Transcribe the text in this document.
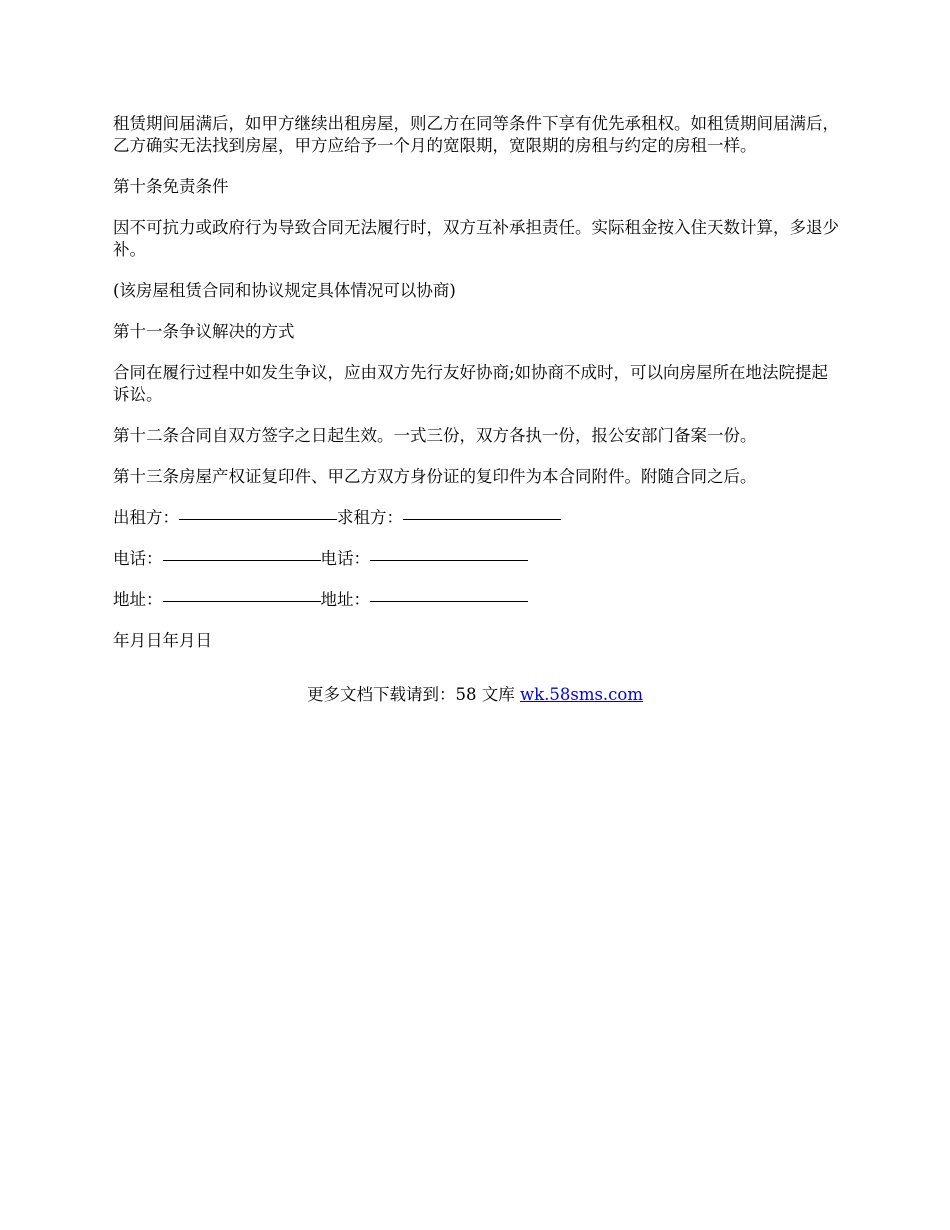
租赁期间届满后，如甲方继续出租房屋，则乙方在同等条件下享有优先承租权。如租赁期间届满后，乙方确实无法找到房屋，甲方应给予一个月的宽限期，宽限期的房租与约定的房租一样。

第十条免责条件

因不可抗力或政府行为导致合同无法履行时，双方互补承担责任。实际租金按入住天数计算，多退少补。

(该房屋租赁合同和协议规定具体情况可以协商)

第十一条争议解决的方式

合同在履行过程中如发生争议，应由双方先行友好协商;如协商不成时，可以向房屋所在地法院提起诉讼。

第十二条合同自双方签字之日起生效。一式三份，双方各执一份，报公安部门备案一份。

第十三条房屋产权证复印件、甲乙方双方身份证的复印件为本合同附件。附随合同之后。

出租方：	求租方：
电话：	电话：
地址：	地址：
年月日年月日
更多文档下载请到：58 文库 wk.58sms.com
